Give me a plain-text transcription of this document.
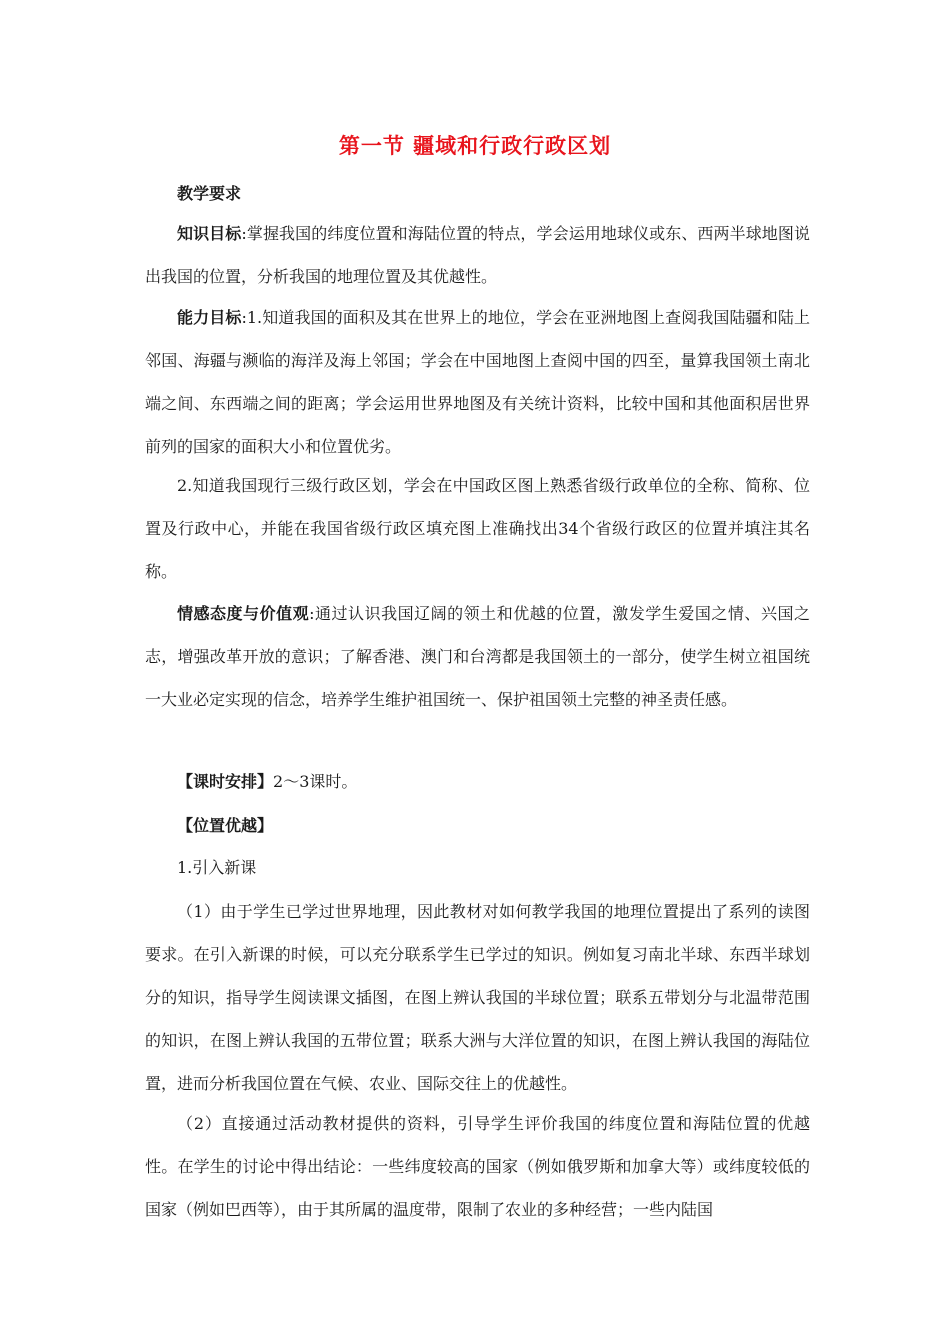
第一节 疆域和行政行政区划

教学要求

知识目标:掌握我国的纬度位置和海陆位置的特点，学会运用地球仪或东、西两半球地图说出我国的位置，分析我国的地理位置及其优越性。

能力目标:1.知道我国的面积及其在世界上的地位，学会在亚洲地图上查阅我国陆疆和陆上邻国、海疆与濒临的海洋及海上邻国；学会在中国地图上查阅中国的四至，量算我国领土南北端之间、东西端之间的距离；学会运用世界地图及有关统计资料，比较中国和其他面积居世界前列的国家的面积大小和位置优劣。

2.知道我国现行三级行政区划，学会在中国政区图上熟悉省级行政单位的全称、简称、位置及行政中心，并能在我国省级行政区填充图上准确找出34个省级行政区的位置并填注其名称。

情感态度与价值观:通过认识我国辽阔的领土和优越的位置，激发学生爱国之情、兴国之志，增强改革开放的意识；了解香港、澳门和台湾都是我国领土的一部分，使学生树立祖国统一大业必定实现的信念，培养学生维护祖国统一、保护祖国领土完整的神圣责任感。

【课时安排】2～3课时。

【位置优越】

1.引入新课

（1）由于学生已学过世界地理，因此教材对如何教学我国的地理位置提出了系列的读图要求。在引入新课的时候，可以充分联系学生已学过的知识。例如复习南北半球、东西半球划分的知识，指导学生阅读课文插图，在图上辨认我国的半球位置；联系五带划分与北温带范围的知识，在图上辨认我国的五带位置；联系大洲与大洋位置的知识，在图上辨认我国的海陆位置，进而分析我国位置在气候、农业、国际交往上的优越性。

（2）直接通过活动教材提供的资料，引导学生评价我国的纬度位置和海陆位置的优越性。在学生的讨论中得出结论：一些纬度较高的国家（例如俄罗斯和加拿大等）或纬度较低的国家（例如巴西等），由于其所属的温度带，限制了农业的多种经营；一些内陆国
